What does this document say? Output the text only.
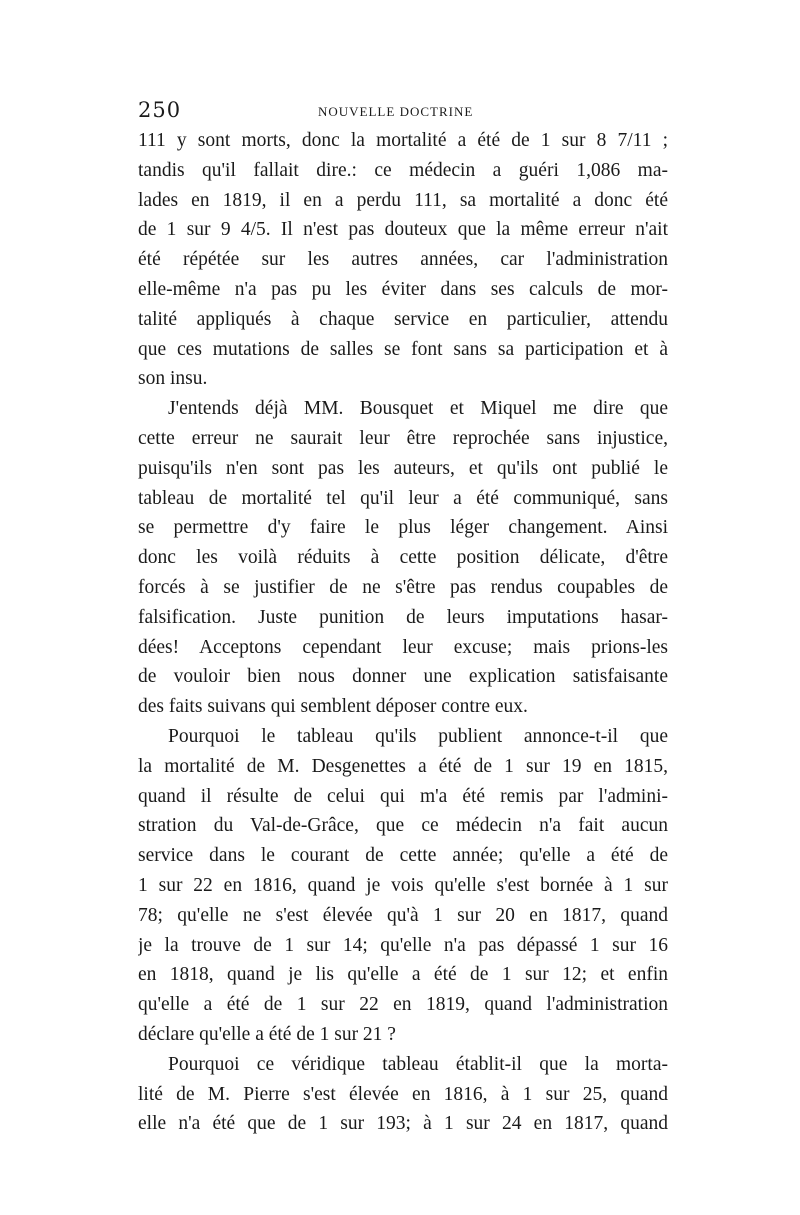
250	NOUVELLE DOCTRINE
111 y sont morts, donc la mortalité a été de 1 sur 8 7/11 ;
tandis qu'il fallait dire.: ce médecin a guéri 1,086 ma-
lades en 1819, il en a perdu 111, sa mortalité a donc été
de 1 sur 9 4/5. Il n'est pas douteux que la même erreur n'ait
été répétée sur les autres années, car l'administration
elle-même n'a pas pu les éviter dans ses calculs de mor-
talité appliqués à chaque service en particulier, attendu
que ces mutations de salles se font sans sa participation et à
son insu.
J'entends déjà MM. Bousquet et Miquel me dire que
cette erreur ne saurait leur être reprochée sans injustice,
puisqu'ils n'en sont pas les auteurs, et qu'ils ont publié le
tableau de mortalité tel qu'il leur a été communiqué, sans
se permettre d'y faire le plus léger changement. Ainsi
donc les voilà réduits à cette position délicate, d'être
forcés à se justifier de ne s'être pas rendus coupables de
falsification. Juste punition de leurs imputations hasar-
dées! Acceptons cependant leur excuse; mais prions-les
de vouloir bien nous donner une explication satisfaisante
des faits suivans qui semblent déposer contre eux.
Pourquoi le tableau qu'ils publient annonce-t-il que
la mortalité de M. Desgenettes a été de 1 sur 19 en 1815,
quand il résulte de celui qui m'a été remis par l'admini-
stration du Val-de-Grâce, que ce médecin n'a fait aucun
service dans le courant de cette année; qu'elle a été de
1 sur 22 en 1816, quand je vois qu'elle s'est bornée à 1 sur
78; qu'elle ne s'est élevée qu'à 1 sur 20 en 1817, quand
je la trouve de 1 sur 14; qu'elle n'a pas dépassé 1 sur 16
en 1818, quand je lis qu'elle a été de 1 sur 12; et enfin
qu'elle a été de 1 sur 22 en 1819, quand l'administration
déclare qu'elle a été de 1 sur 21 ?
Pourquoi ce véridique tableau établit-il que la morta-
lité de M. Pierre s'est élevée en 1816, à 1 sur 25, quand
elle n'a été que de 1 sur 193; à 1 sur 24 en 1817, quand
